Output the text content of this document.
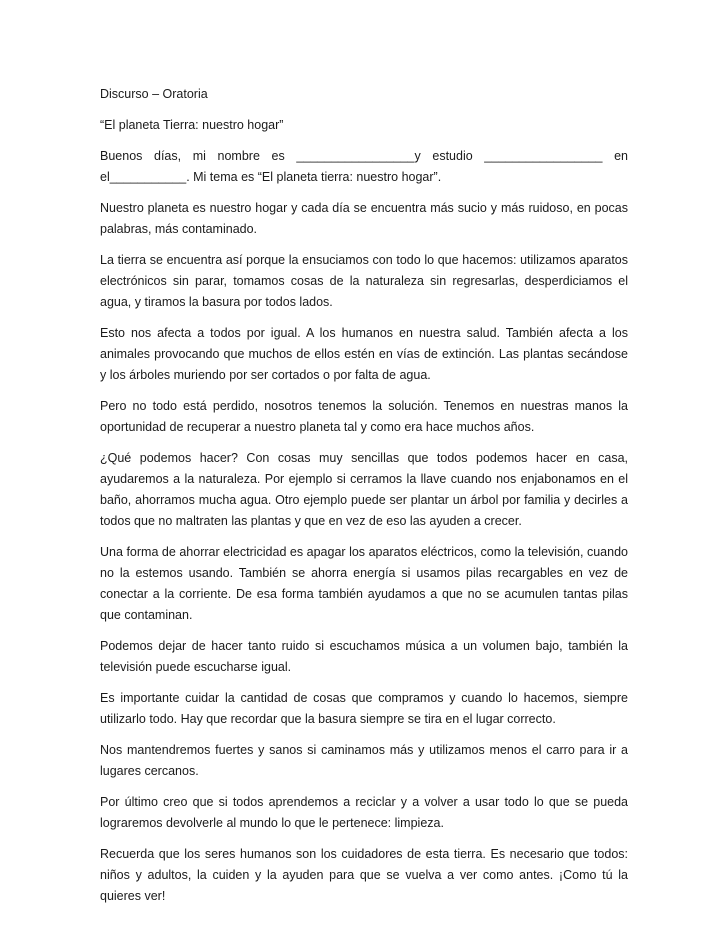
Discurso – Oratoria

“El planeta Tierra: nuestro hogar”

Buenos días, mi nombre es _________________y estudio _________________ en el___________. Mi tema es “El planeta tierra: nuestro hogar”.

Nuestro planeta es nuestro hogar y cada día se encuentra más sucio y más ruidoso, en pocas palabras, más contaminado.

La tierra se encuentra así porque la ensuciamos con todo lo que hacemos: utilizamos aparatos electrónicos sin parar, tomamos cosas de la naturaleza sin regresarlas, desperdiciamos el agua, y tiramos la basura por todos lados.

Esto nos afecta a todos por igual. A los humanos en nuestra salud. También afecta a los animales provocando que muchos de ellos estén en vías de extinción. Las plantas secándose y los árboles muriendo por ser cortados o por falta de agua.

Pero no todo está perdido, nosotros tenemos la solución. Tenemos en nuestras manos la oportunidad de recuperar a nuestro planeta tal y como era hace muchos años.

¿Qué podemos hacer? Con cosas muy sencillas que todos podemos hacer en casa, ayudaremos a la naturaleza. Por ejemplo si cerramos la llave cuando nos enjabonamos en el baño, ahorramos mucha agua. Otro ejemplo puede ser plantar un árbol por familia y decirles a todos que no maltraten las plantas y que en vez de eso las ayuden a crecer.

Una forma de ahorrar electricidad es apagar los aparatos eléctricos, como la televisión, cuando no la estemos usando. También se ahorra energía si usamos pilas recargables en vez de conectar a la corriente. De esa forma también ayudamos a que no se acumulen tantas pilas que contaminan.

Podemos dejar de hacer tanto ruido si escuchamos música a un volumen bajo, también la televisión puede escucharse igual.

Es importante cuidar la cantidad de cosas que compramos y cuando lo hacemos, siempre utilizarlo todo. Hay que recordar que la basura siempre se tira en el lugar correcto.

Nos mantendremos fuertes y sanos si caminamos más y utilizamos menos el carro para ir a lugares cercanos.

Por último creo que si todos aprendemos a reciclar y a volver a usar todo lo que se pueda lograremos devolverle al mundo lo que le pertenece: limpieza.

Recuerda que los seres humanos son los cuidadores de esta tierra. Es necesario que todos: niños y adultos, la cuiden y la ayuden para que se vuelva a ver como antes. ¡Como tú la quieres ver!
